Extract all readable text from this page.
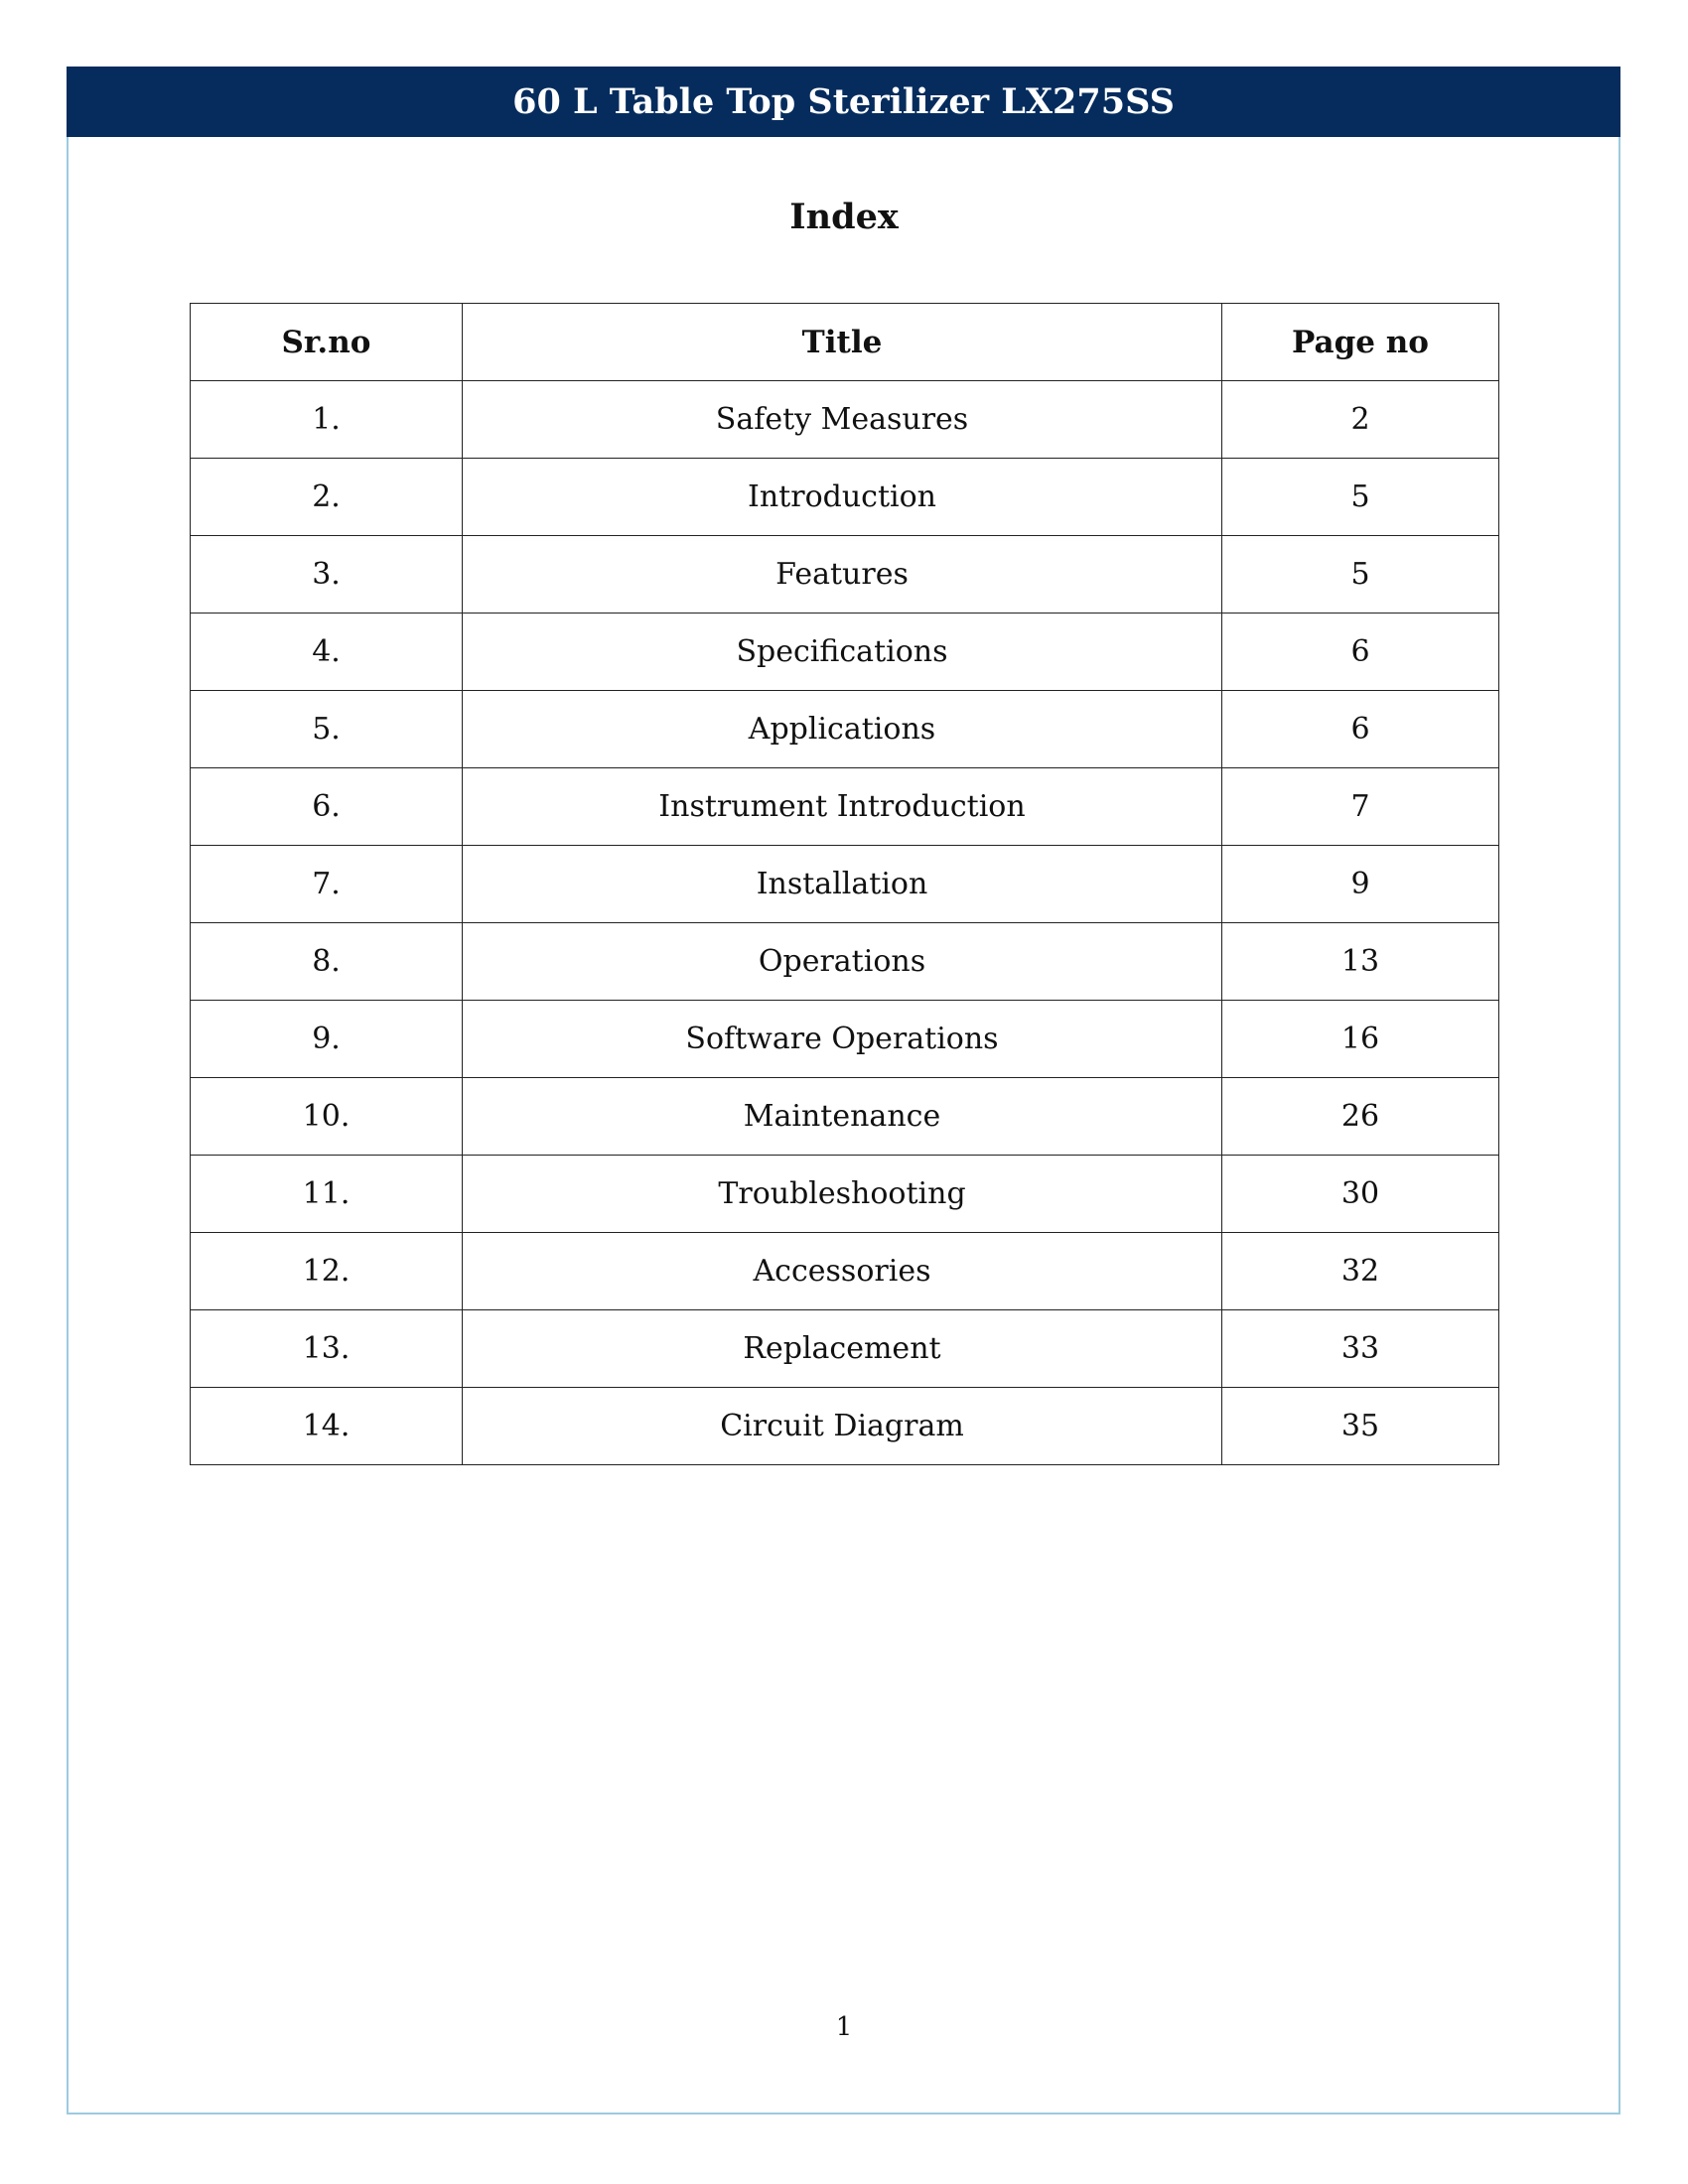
60 L Table Top Sterilizer LX275SS
Index
Sr.no	Title	Page no
1.	Safety Measures	2
2.	Introduction	5
3.	Features	5
4.	Specifications	6
5.	Applications	6
6.	Instrument Introduction	7
7.	Installation	9
8.	Operations	13
9.	Software Operations	16
10.	Maintenance	26
11.	Troubleshooting	30
12.	Accessories	32
13.	Replacement	33
14.	Circuit Diagram	35
1
